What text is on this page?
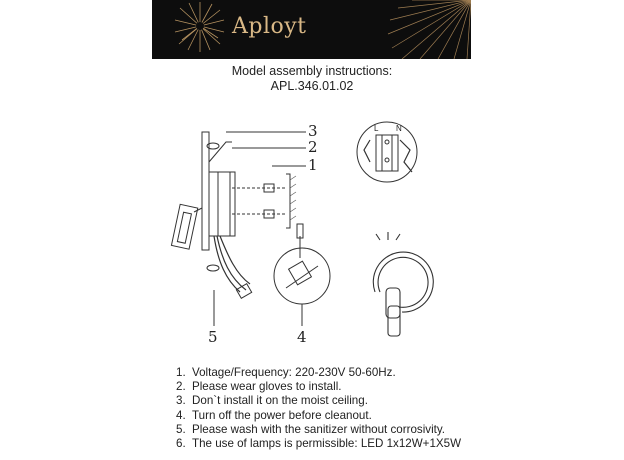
Aployt
Model assembly instructions:
APL.346.01.02
L N
3
2
1
5	4
1. Voltage/Frequency: 220-230V 50-60Hz.
2. Please wear gloves to install.
3. Don`t install it on the moist ceiling.
4. Turn off the power before cleanout.
5. Please wash with the sanitizer without corrosivity.
6. The use of lamps is permissible: LED 1x12W+1X5W
